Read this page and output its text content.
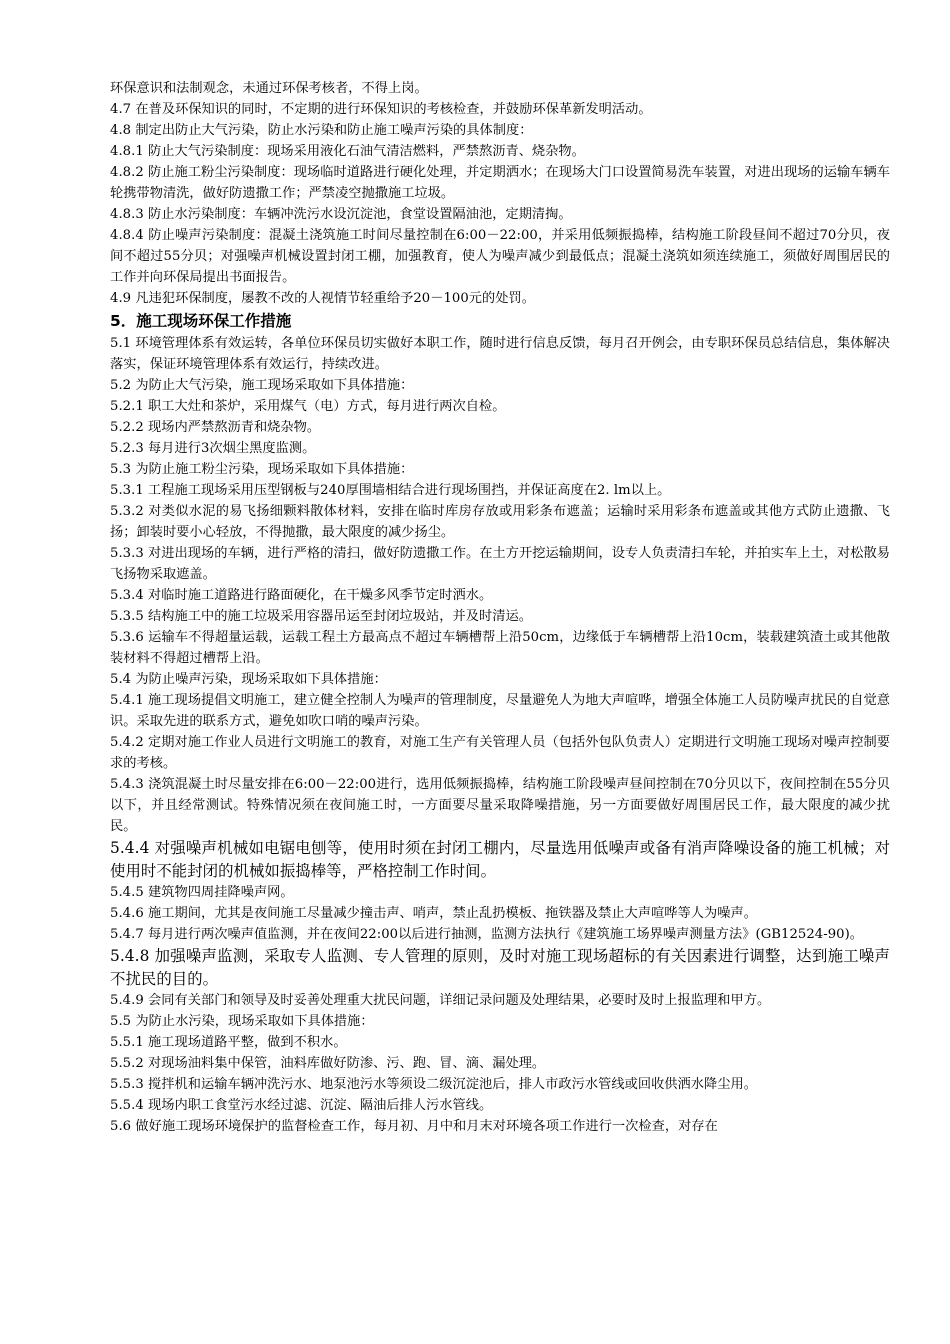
环保意识和法制观念，未通过环保考核者，不得上岗。

4.7 在普及环保知识的同时，不定期的进行环保知识的考核检查，并鼓励环保革新发明活动。

4.8 制定出防止大气污染，防止水污染和防止施工噪声污染的具体制度：

4.8.1 防止大气污染制度：现场采用液化石油气清洁燃料，严禁熬沥青、烧杂物。

4.8.2 防止施工粉尘污染制度：现场临时道路进行硬化处理，并定期洒水；在现场大门口设置简易洗车装置，对进出现场的运输车辆车轮携带物清洗，做好防遗撒工作；严禁凌空抛撒施工垃圾。

4.8.3 防止水污染制度：车辆冲洗污水设沉淀池，食堂设置隔油池，定期清掏。

4.8.4 防止噪声污染制度：混凝土浇筑施工时间尽量控制在6:00－22:00，并采用低频振捣棒，结构施工阶段昼间不超过70分贝，夜间不超过55分贝；对强噪声机械设置封闭工棚，加强教育，使人为噪声减少到最低点；混凝土浇筑如须连续施工，须做好周围居民的工作并向环保局提出书面报告。

4.9 凡违犯环保制度，屡教不改的人视情节轻重给予20－100元的处罚。

5．施工现场环保工作措施

5.1 环境管理体系有效运转，各单位环保员切实做好本职工作，随时进行信息反馈，每月召开例会，由专职环保员总结信息，集体解决落实，保证环境管理体系有效运行，持续改进。

5.2 为防止大气污染，施工现场采取如下具体措施：

5.2.1 职工大灶和茶炉，采用煤气（电）方式，每月进行两次自检。

5.2.2 现场内严禁熬沥青和烧杂物。

5.2.3 每月进行3次烟尘黑度监测。

5.3 为防止施工粉尘污染，现场采取如下具体措施：

5.3.1 工程施工现场采用压型钢板与240厚围墙相结合进行现场围挡，并保证高度在2. lm以上。

5.3.2 对类似水泥的易飞扬细颗料散体材料，安排在临时库房存放或用彩条布遮盖；运输时采用彩条布遮盖或其他方式防止遗撒、飞扬；卸装时要小心轻放，不得抛撒，最大限度的减少扬尘。

5.3.3 对进出现场的车辆，进行严格的清扫，做好防遗撒工作。在土方开挖运输期间，设专人负责清扫车轮，并拍实车上土，对松散易飞扬物采取遮盖。

5.3.4 对临时施工道路进行路面硬化，在干燥多风季节定时洒水。

5.3.5 结构施工中的施工垃圾采用容器吊运至封闭垃圾站，并及时清运。

5.3.6 运输车不得超量运载，运载工程土方最高点不超过车辆槽帮上沿50cm，边缘低于车辆槽帮上沿10cm，装载建筑渣土或其他散装材料不得超过槽帮上沿。

5.4 为防止噪声污染，现场采取如下具体措施：

5.4.1 施工现场提倡文明施工，建立健全控制人为噪声的管理制度，尽量避免人为地大声喧哗，增强全体施工人员防噪声扰民的自觉意识。采取先进的联系方式，避免如吹口哨的噪声污染。

5.4.2 定期对施工作业人员进行文明施工的教育，对施工生产有关管理人员（包括外包队负责人）定期进行文明施工现场对噪声控制要求的考核。

5.4.3 浇筑混凝土时尽量安排在6:00－22:00进行，选用低频振捣棒，结构施工阶段噪声昼间控制在70分贝以下，夜间控制在55分贝以下，并且经常测试。特殊情况须在夜间施工时，一方面要尽量采取降噪措施，另一方面要做好周围居民工作，最大限度的减少扰民。

5.4.4 对强噪声机械如电锯电刨等，使用时须在封闭工棚内，尽量选用低噪声或备有消声降噪设备的施工机械；对使用时不能封闭的机械如振捣棒等，严格控制工作时间。

5.4.5 建筑物四周挂降噪声网。

5.4.6 施工期间，尤其是夜间施工尽量减少撞击声、哨声，禁止乱扔模板、拖铁器及禁止大声喧哗等人为噪声。

5.4.7 每月进行两次噪声值监测，并在夜间22:00以后进行抽测，监测方法执行《建筑施工场界噪声测量方法》(GB12524-90)。

5.4.8 加强噪声监测，采取专人监测、专人管理的原则，及时对施工现场超标的有关因素进行调整，达到施工噪声不扰民的目的。

5.4.9 会同有关部门和领导及时妥善处理重大扰民问题，详细记录问题及处理结果，必要时及时上报监理和甲方。

5.5 为防止水污染，现场采取如下具体措施：

5.5.1 施工现场道路平整，做到不积水。

5.5.2 对现场油料集中保管，油料库做好防渗、污、跑、冒、滴、漏处理。

5.5.3 搅拌机和运输车辆冲洗污水、地泵池污水等须设二级沉淀池后，排人市政污水管线或回收供洒水降尘用。

5.5.4 现场内职工食堂污水经过滤、沉淀、隔油后排人污水管线。

5.6 做好施工现场环境保护的监督检查工作，每月初、月中和月末对环境各项工作进行一次检查，对存在
